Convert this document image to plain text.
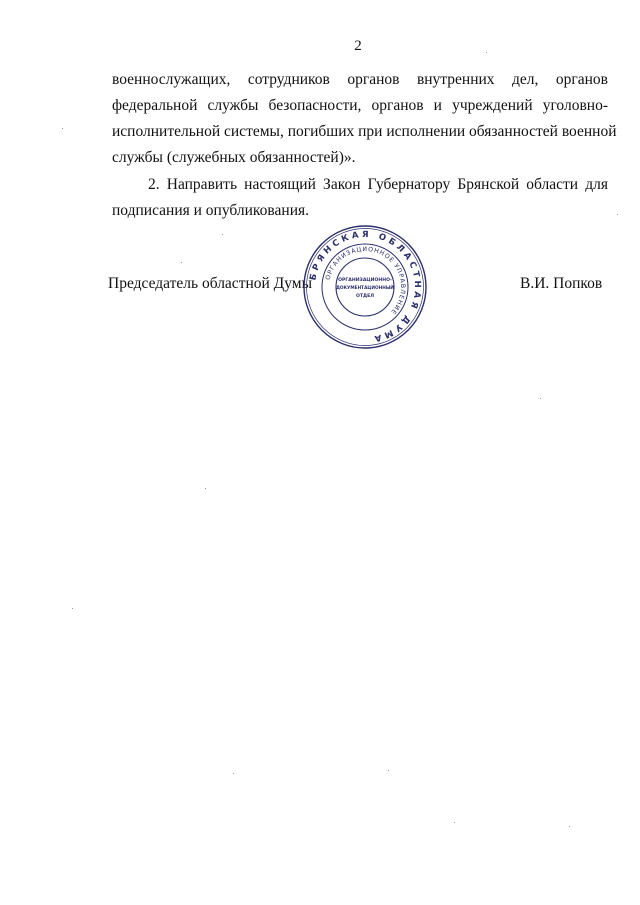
2
военнослужащих, сотрудников органов внутренних дел, органов
федеральной службы безопасности, органов и учреждений уголовно-
исполнительной системы, погибших при исполнении обязанностей военной
службы (служебных обязанностей)».
2. Направить настоящий Закон Губернатору Брянской области для
подписания и опубликования.
Председатель областной Думы	В.И. Попков
БРЯНСКАЯ ОБЛАСТНАЯ ДУМА
ОРГАНИЗАЦИОННОЕ УПРАВЛЕНИЕ
ОРГАНИЗАЦИОННО-
ДОКУМЕНТАЦИОННЫЙ
ОТДЕЛ
